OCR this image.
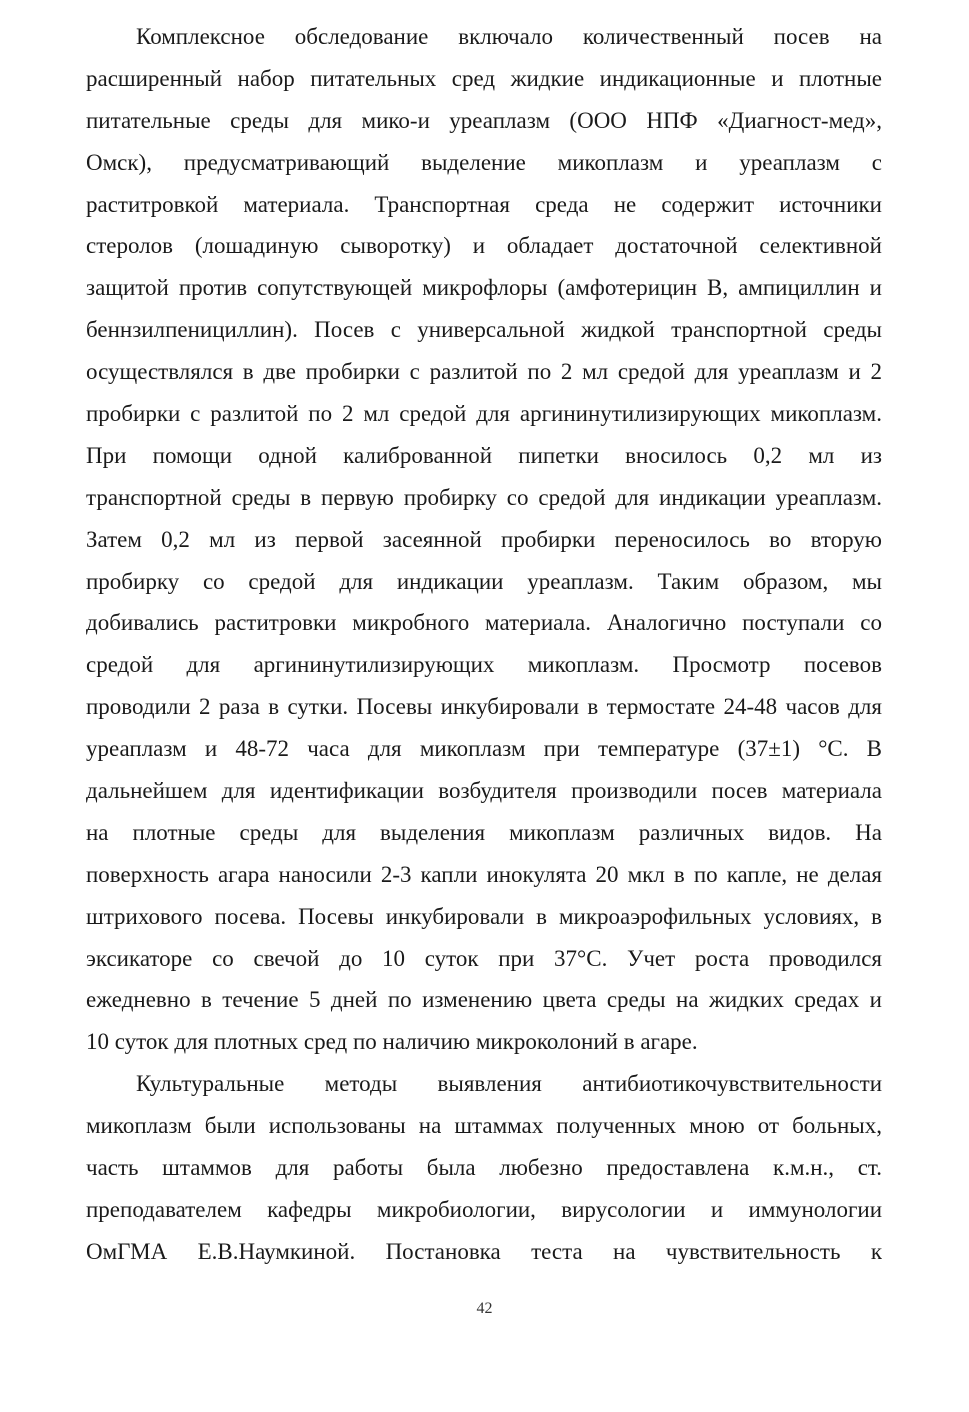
Комплексное обследование включало количественный посев на
расширенный набор питательных сред жидкие индикационные и плотные
питательные среды для мико-и уреаплазм (ООО НПФ «Диагност-мед»,
Омск), предусматривающий выделение микоплазм и уреаплазм с
раститровкой материала. Транспортная среда не содержит источники
стеролов (лошадиную сыворотку) и обладает достаточной селективной
защитой против сопутствующей микрофлоры (амфотерицин В, ампициллин и
беннзилпенициллин). Посев с универсальной жидкой транспортной среды
осуществлялся в две пробирки с разлитой по 2 мл средой для уреаплазм и 2
пробирки с разлитой по 2 мл средой для аргининутилизирующих микоплазм.
При помощи одной калиброванной пипетки вносилось 0,2 мл из
транспортной среды в первую пробирку со средой для индикации уреаплазм.
Затем 0,2 мл из первой засеянной пробирки переносилось во вторую
пробирку со средой для индикации уреаплазм. Таким образом, мы
добивались раститровки микробного материала. Аналогично поступали со
средой для аргининутилизирующих микоплазм. Просмотр посевов
проводили 2 раза в сутки. Посевы инкубировали в термостате 24-48 часов для
уреаплазм и 48-72 часа для микоплазм при температуре (37±1) °С. В
дальнейшем для идентификации возбудителя производили посев материала
на плотные среды для выделения микоплазм различных видов. На
поверхность агара наносили 2-3 капли инокулята 20 мкл в по капле, не делая
штрихового посева. Посевы инкубировали в микроаэрофильных условиях, в
эксикаторе со свечой до 10 суток при 37°С. Учет роста проводился
ежедневно в течение 5 дней по изменению цвета среды на жидких средах и
10 суток для плотных сред по наличию микроколоний в агаре.
Культуральные методы выявления антибиотикочувствительности
микоплазм были использованы на штаммах полученных мною от больных,
часть штаммов для работы была любезно предоставлена к.м.н., ст.
преподавателем кафедры микробиологии, вирусологии и иммунологии
ОмГМА Е.В.Наумкиной. Постановка теста на чувствительность к
42
